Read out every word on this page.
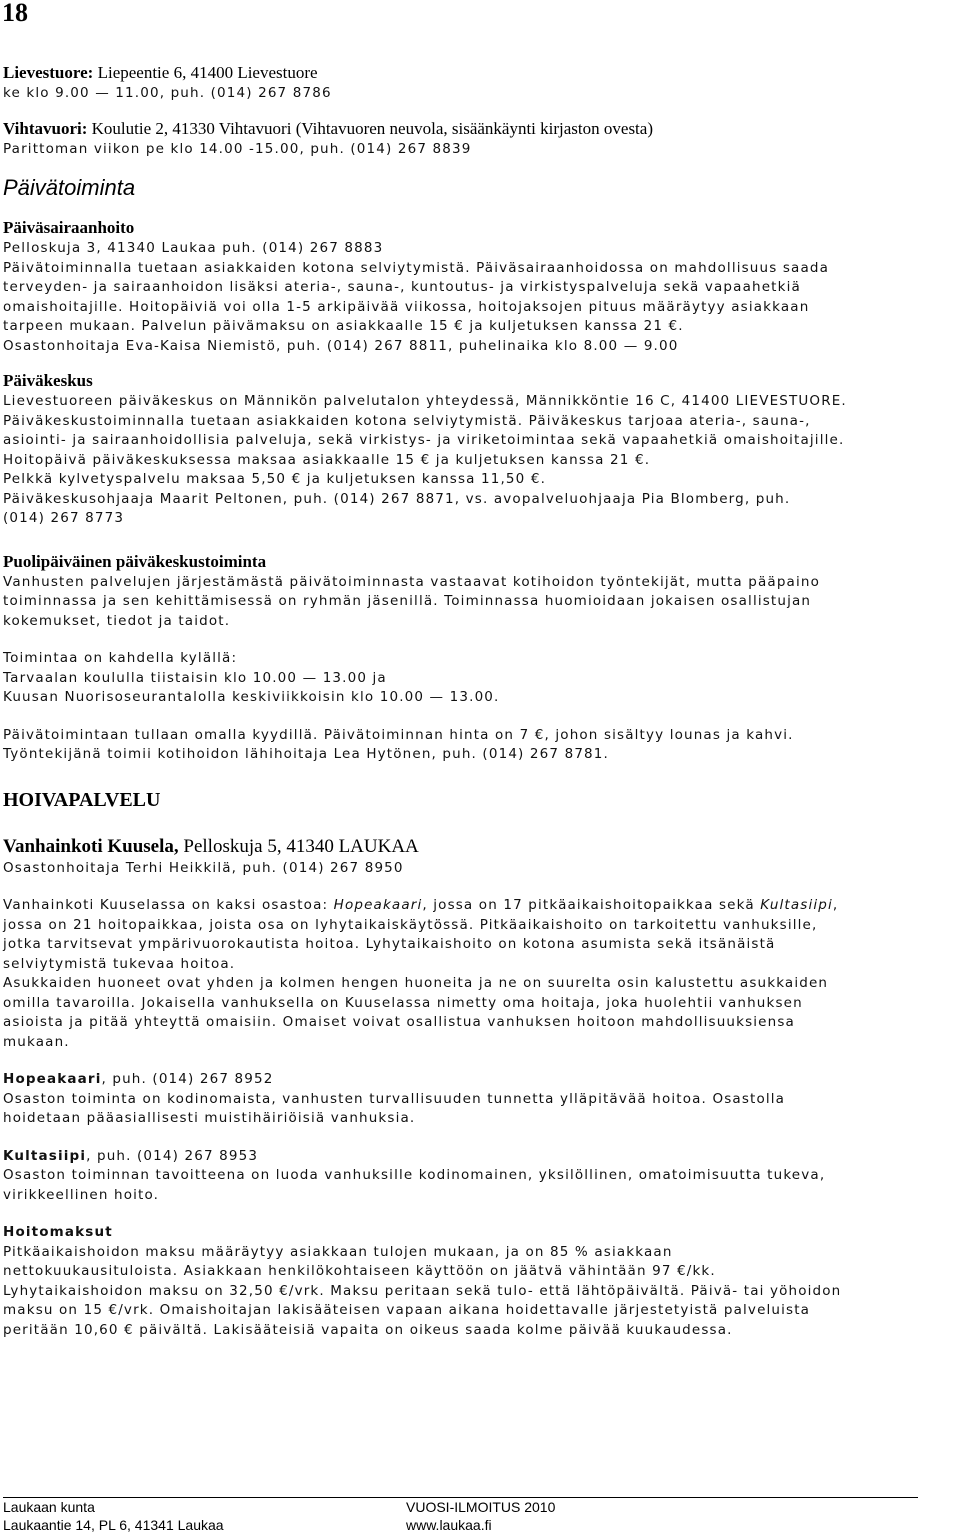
18
Lievestuore: Liepeentie 6, 41400 Lievestuore
ke klo 9.00 — 11.00, puh. (014) 267 8786
Vihtavuori: Koulutie 2, 41330 Vihtavuori (Vihtavuoren neuvola, sisäänkäynti kirjaston ovesta)
Parittoman viikon pe klo 14.00 -15.00, puh. (014) 267 8839
Päivätoiminta
Päiväsairaanhoito
Pelloskuja 3, 41340 Laukaa puh. (014) 267 8883
Päivätoiminnalla tuetaan asiakkaiden kotona selviytymistä. Päiväsairaanhoidossa on mahdollisuus saada
terveyden- ja sairaanhoidon lisäksi ateria-, sauna-, kuntoutus- ja virkistyspalveluja sekä vapaahetkiä
omaishoitajille. Hoitopäiviä voi olla 1-5 arkipäivää viikossa, hoitojaksojen pituus määräytyy asiakkaan
tarpeen mukaan. Palvelun päivämaksu on asiakkaalle 15 € ja kuljetuksen kanssa 21 €.
Osastonhoitaja Eva-Kaisa Niemistö, puh. (014) 267 8811, puhelinaika klo 8.00 — 9.00
Päiväkeskus
Lievestuoreen päiväkeskus on Männikön palvelutalon yhteydessä, Männikköntie 16 C, 41400 LIEVESTUORE.
Päiväkeskustoiminnalla tuetaan asiakkaiden kotona selviytymistä. Päiväkeskus tarjoaa ateria-, sauna-,
asiointi- ja sairaanhoidollisia palveluja, sekä virkistys- ja viriketoimintaa sekä vapaahetkiä omaishoitajille.
Hoitopäivä päiväkeskuksessa maksaa asiakkaalle 15 € ja kuljetuksen kanssa 21 €.
Pelkkä kylvetyspalvelu maksaa 5,50 € ja kuljetuksen kanssa 11,50 €.
Päiväkeskusohjaaja Maarit Peltonen, puh. (014) 267 8871, vs. avopalveluohjaaja Pia Blomberg, puh.
(014) 267 8773
Puolipäiväinen päiväkeskustoiminta
Vanhusten palvelujen järjestämästä päivätoiminnasta vastaavat kotihoidon työntekijät, mutta pääpaino
toiminnassa ja sen kehittämisessä on ryhmän jäsenillä. Toiminnassa huomioidaan jokaisen osallistujan
kokemukset, tiedot ja taidot.
Toimintaa on kahdella kylällä:
Tarvaalan koululla tiistaisin klo 10.00 — 13.00 ja
Kuusan Nuorisoseurantalolla keskiviikkoisin klo 10.00 — 13.00.
Päivätoimintaan tullaan omalla kyydillä. Päivätoiminnan hinta on 7 €, johon sisältyy lounas ja kahvi.
Työntekijänä toimii kotihoidon lähihoitaja Lea Hytönen, puh. (014) 267 8781.
HOIVAPALVELU
Vanhainkoti Kuusela, Pelloskuja 5, 41340 LAUKAA
Osastonhoitaja Terhi Heikkilä, puh. (014) 267 8950
Vanhainkoti Kuuselassa on kaksi osastoa: Hopeakaari, jossa on 17 pitkäaikaishoitopaikkaa sekä Kultasiipi,
jossa on 21 hoitopaikkaa, joista osa on lyhytaikaiskäytössä. Pitkäaikaishoito on tarkoitettu vanhuksille,
jotka tarvitsevat ympärivuorokautista hoitoa. Lyhytaikaishoito on kotona asumista sekä itsänäistä
selviytymistä tukevaa hoitoa.
Asukkaiden huoneet ovat yhden ja kolmen hengen huoneita ja ne on suurelta osin kalustettu asukkaiden
omilla tavaroilla. Jokaisella vanhuksella on Kuuselassa nimetty oma hoitaja, joka huolehtii vanhuksen
asioista ja pitää yhteyttä omaisiin. Omaiset voivat osallistua vanhuksen hoitoon mahdollisuuksiensa
mukaan.
Hopeakaari, puh. (014) 267 8952
Osaston toiminta on kodinomaista, vanhusten turvallisuuden tunnetta ylläpitävää hoitoa. Osastolla
hoidetaan pääasiallisesti muistihäiriöisiä vanhuksia.
Kultasiipi, puh. (014) 267 8953
Osaston toiminnan tavoitteena on luoda vanhuksille kodinomainen, yksilöllinen, omatoimisuutta tukeva,
virikkeellinen hoito.
Hoitomaksut
Pitkäaikaishoidon maksu määräytyy asiakkaan tulojen mukaan, ja on 85 % asiakkaan
nettokuukausituloista. Asiakkaan henkilökohtaiseen käyttöön on jäätvä vähintään 97 €/kk.
Lyhytaikaishoidon maksu on 32,50 €/vrk. Maksu peritaan sekä tulo- että lähtöpäivältä. Päivä- tai yöhoidon
maksu on 15 €/vrk. Omaishoitajan lakisääteisen vapaan aikana hoidettavalle järjestetyistä palveluista
peritään 10,60 € päivältä. Lakisääteisiä vapaita on oikeus saada kolme päivää kuukaudessa.
Laukaan kunta	VUOSI-ILMOITUS 2010
Laukaantie 14, PL 6, 41341 Laukaa	www.laukaa.fi
